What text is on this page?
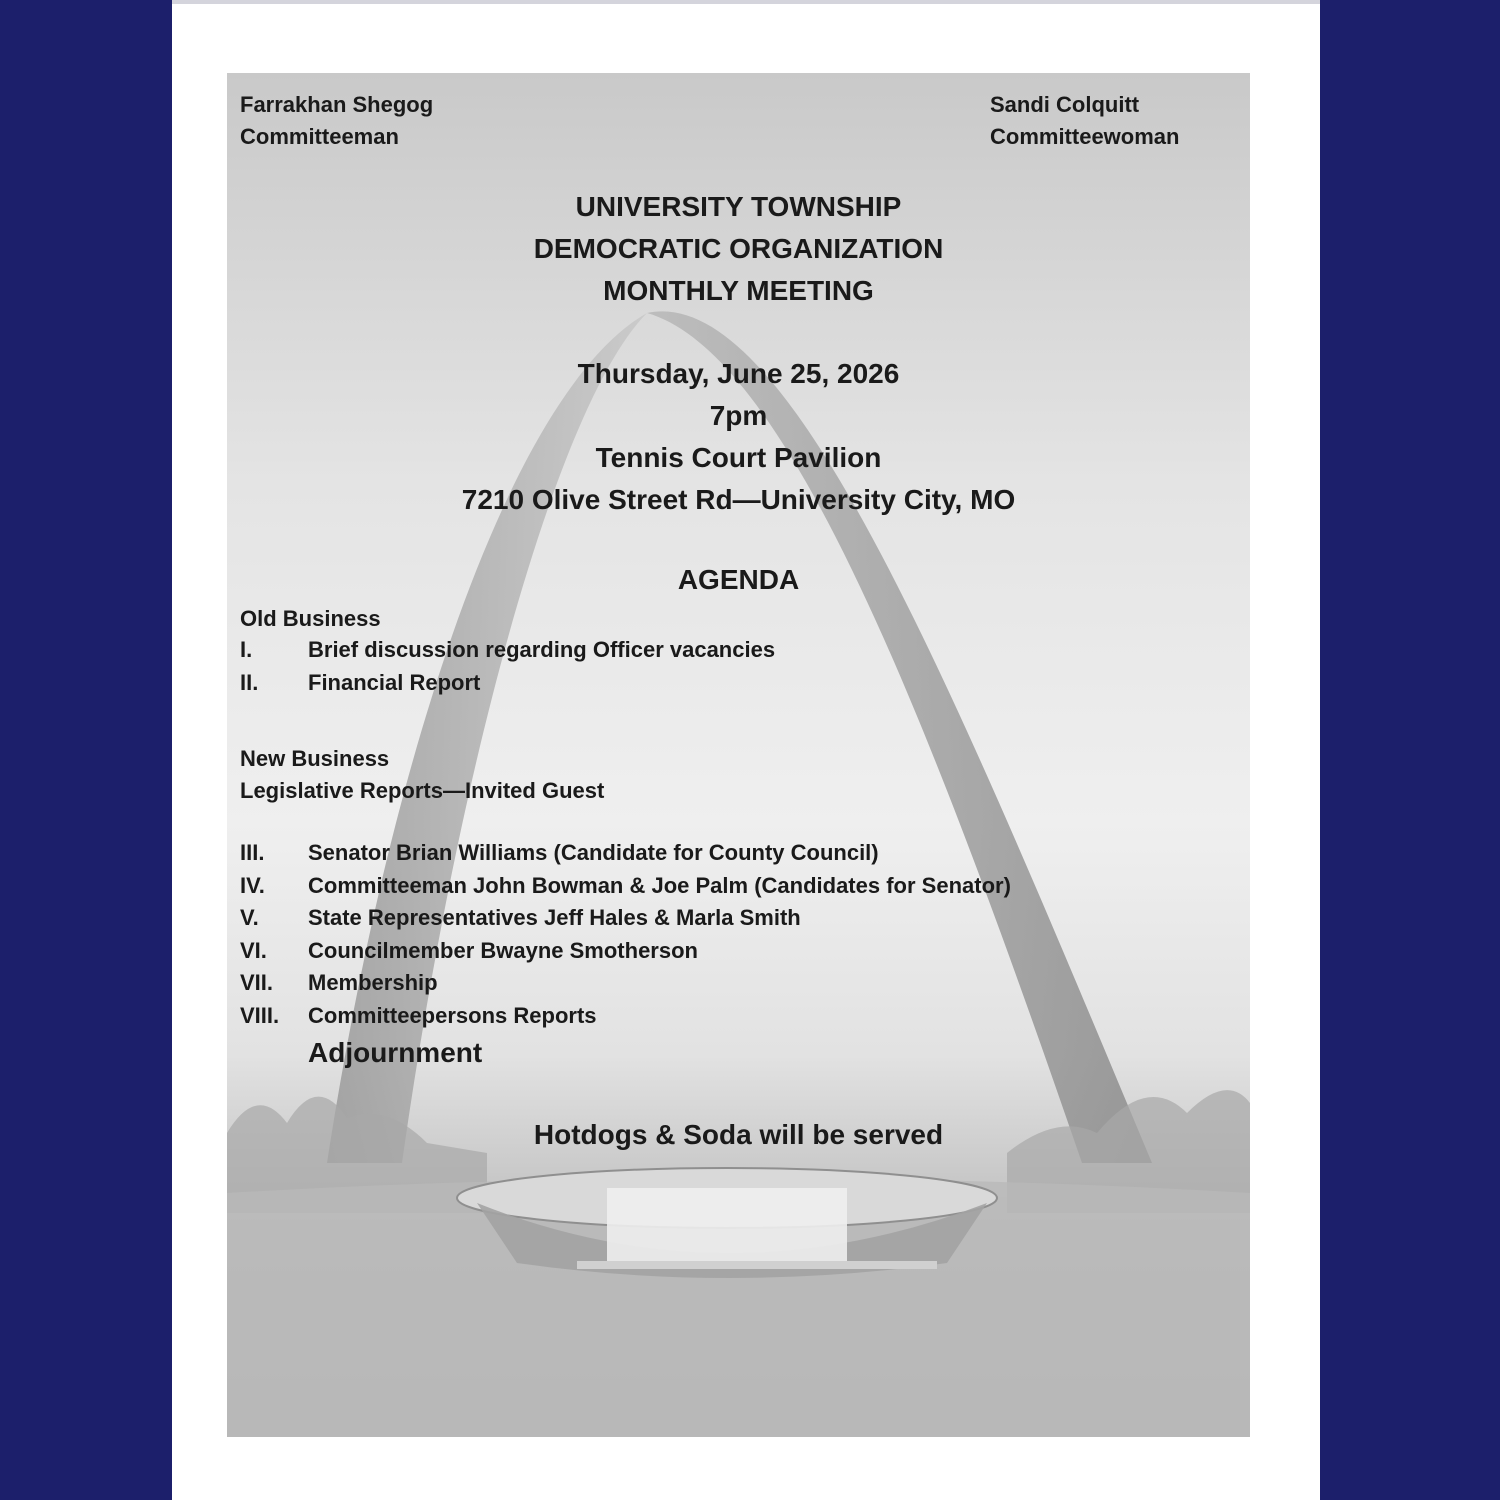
Farrakhan Shegog
Committeeman
Sandi Colquitt
Committeewoman
UNIVERSITY TOWNSHIP
DEMOCRATIC ORGANIZATION
MONTHLY MEETING
Thursday, June 25, 2026
7pm
Tennis Court Pavilion
7210 Olive Street Rd—University City, MO
AGENDA
Old Business
I.	Brief discussion regarding Officer vacancies
II. Financial Report
New Business
Legislative Reports—Invited Guest
III. Senator Brian Williams (Candidate for County Council)
IV. Committeeman John Bowman & Joe Palm (Candidates for Senator)
V. State Representatives Jeff Hales & Marla Smith
VI. Councilmember Bwayne Smotherson
VII. Membership
VIII. Committeepersons Reports
Adjournment
Hotdogs & Soda will be served
